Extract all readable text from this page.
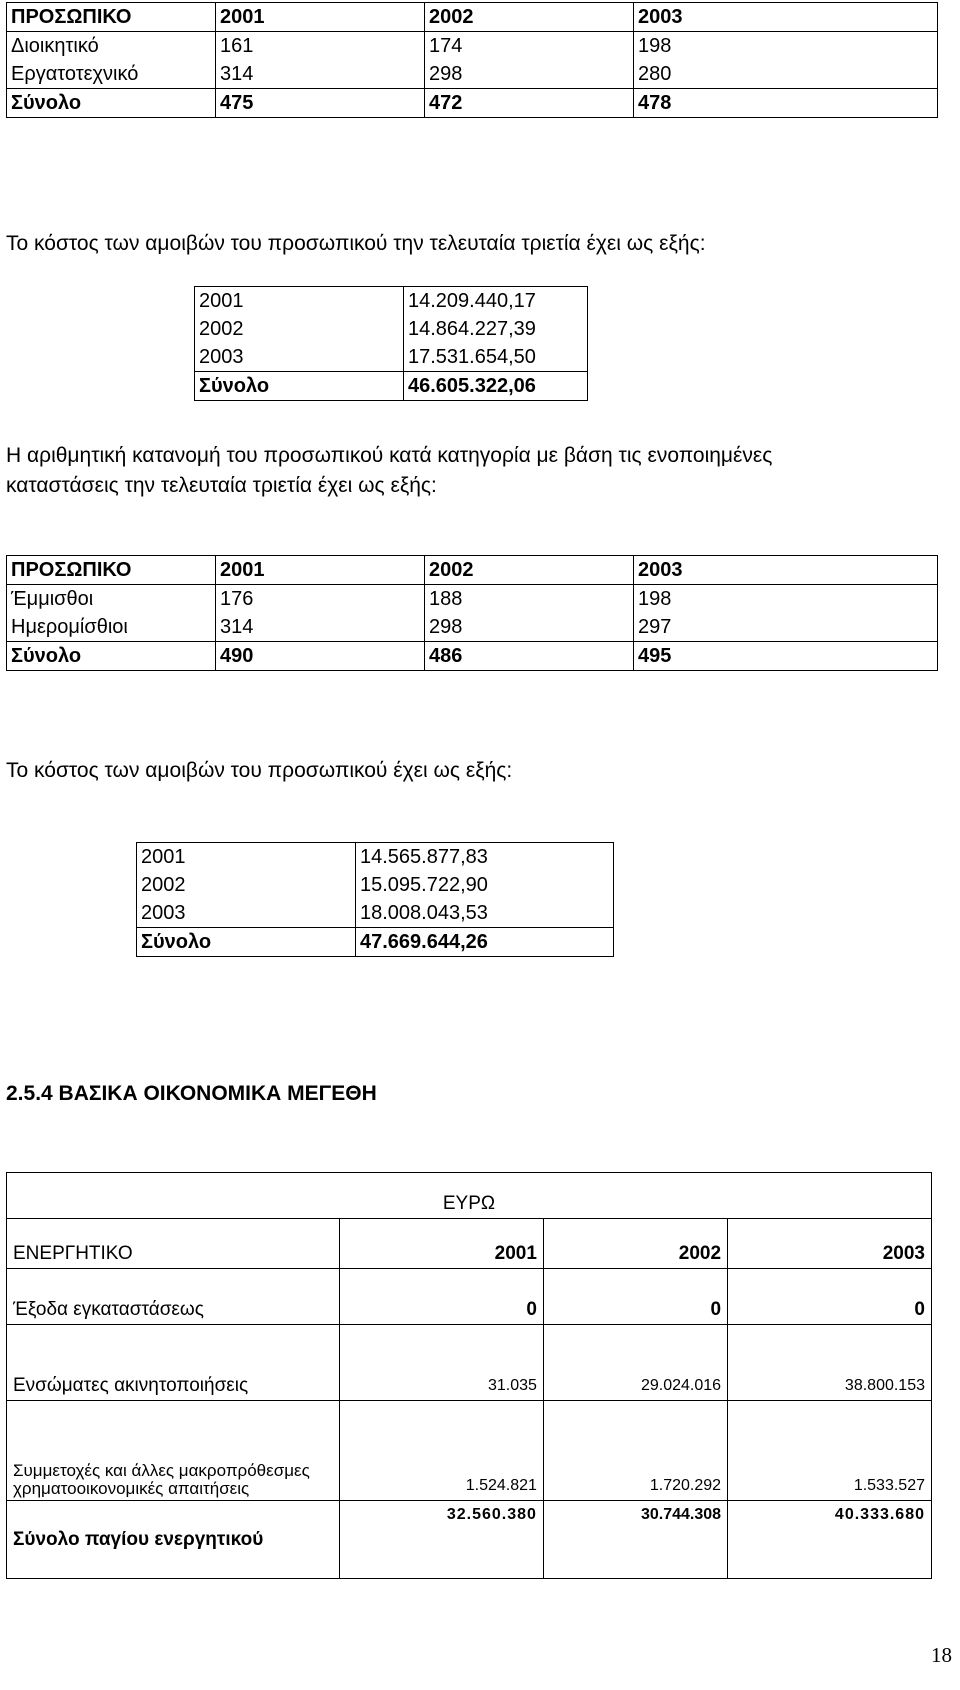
ΠΡΟΣΩΠΙΚΟ	2001	2002	2003
Διοικητικό	161	174	198
Εργατοτεχνικό	314	298	280
Σύνολο	475	472	478
Το κόστος των αμοιβών του προσωπικού την τελευταία τριετία έχει ως εξής:
2001	14.209.440,17
2002	14.864.227,39
2003	17.531.654,50
Σύνολο	46.605.322,06
Η αριθμητική κατανομή του προσωπικού κατά κατηγορία με βάση τις ενοποιημένες
καταστάσεις την τελευταία τριετία έχει ως εξής:
ΠΡΟΣΩΠΙΚΟ	2001	2002	2003
Έμμισθοι	176	188	198
Ημερομίσθιοι	314	298	297
Σύνολο	490	486	495
Το κόστος των αμοιβών του προσωπικού έχει ως εξής:
2001	14.565.877,83
2002	15.095.722,90
2003	18.008.043,53
Σύνολο	47.669.644,26
2.5.4 ΒΑΣΙΚΑ ΟΙΚΟΝΟΜΙΚΑ ΜΕΓΕΘΗ
ΕΥΡΩ			
ΕΝΕΡΓΗΤΙΚΟ	2001	2002	2003
Έξοδα εγκαταστάσεως	0	0	0
Ενσώματες ακινητοποιήσεις	31.035	29.024.016	38.800.153
Συμμετοχές και άλλες μακροπρόθεσμες χρηματοοικονομικές απαιτήσεις	1.524.821	1.720.292	1.533.527
Σύνολο παγίου ενεργητικού	32.560.380	30.744.308	40.333.680
18
